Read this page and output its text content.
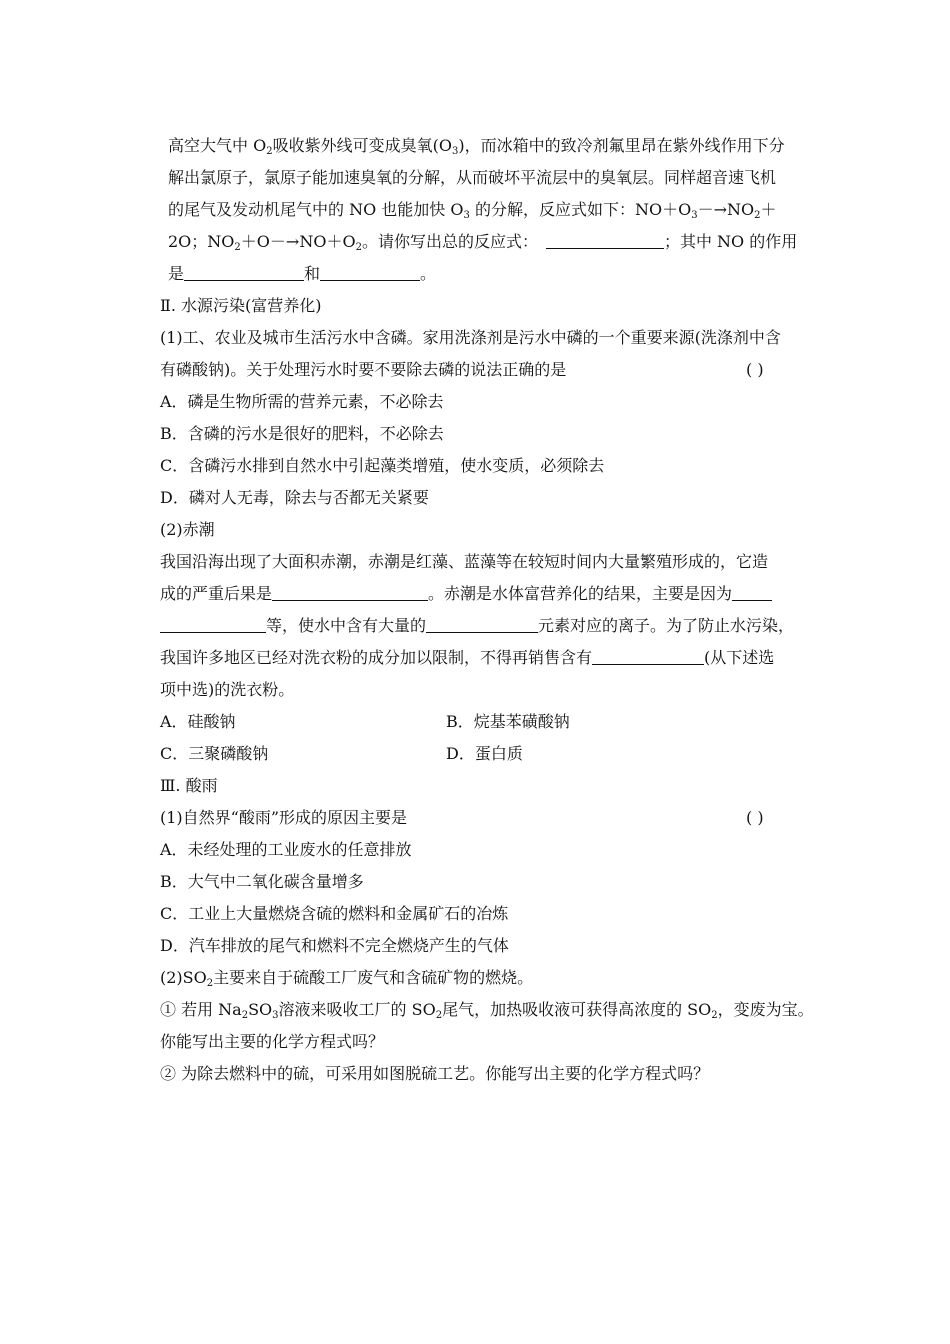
高空大气中 $O_2$吸收紫外线可变成臭氧$(O_3)$，而冰箱中的致冷剂氟里昂在紫外线作用下分
解出氯原子，氯原子能加速臭氧的分解，从而破坏平流层中的臭氧层。同样超音速飞机
的尾气及发动机尾气中的 NO 也能加快 $O_3$ 的分解，反应式如下：$NO+O_3-\to NO_2+$
2O；$NO_2+O-\to NO+O_2$。请你写出总的反应式：	；其中 NO 的作用
是	和	。
Ⅱ. 水源污染(富营养化)
(1)工、农业及城市生活污水中含磷。家用洗涤剂是污水中磷的一个重要来源(洗涤剂中含
有磷酸钠)。关于处理污水时要不要除去磷的说法正确的是	( )
A．磷是生物所需的营养元素，不必除去
B．含磷的污水是很好的肥料，不必除去
C．含磷污水排到自然水中引起藻类增殖，使水变质，必须除去
D．磷对人无毒，除去与否都无关紧要
(2)赤潮
我国沿海出现了大面积赤潮，赤潮是红藻、蓝藻等在较短时间内大量繁殖形成的，它造
成的严重后果是	。赤潮是水体富营养化的结果，主要是因为
等，使水中含有大量的	元素对应的离子。为了防止水污染，
我国许多地区已经对洗衣粉的成分加以限制，不得再销售含有	(从下述选
项中选)的洗衣粉。
A．硅酸钠	B．烷基苯磺酸钠
C．三聚磷酸钠	D．蛋白质
Ⅲ. 酸雨
(1)自然界“酸雨”形成的原因主要是	( )
A．未经处理的工业废水的任意排放
B．大气中二氧化碳含量增多
C．工业上大量燃烧含硫的燃料和金属矿石的冶炼
D．汽车排放的尾气和燃料不完全燃烧产生的气体
$(2)SO_2$主要来自于硫酸工厂废气和含硫矿物的燃烧。
① 若用 $Na_2SO_3$溶液来吸收工厂的 $SO_2$尾气，加热吸收液可获得高浓度的 $SO_2$，变废为宝。
你能写出主要的化学方程式吗？
② 为除去燃料中的硫，可采用如图脱硫工艺。你能写出主要的化学方程式吗？
